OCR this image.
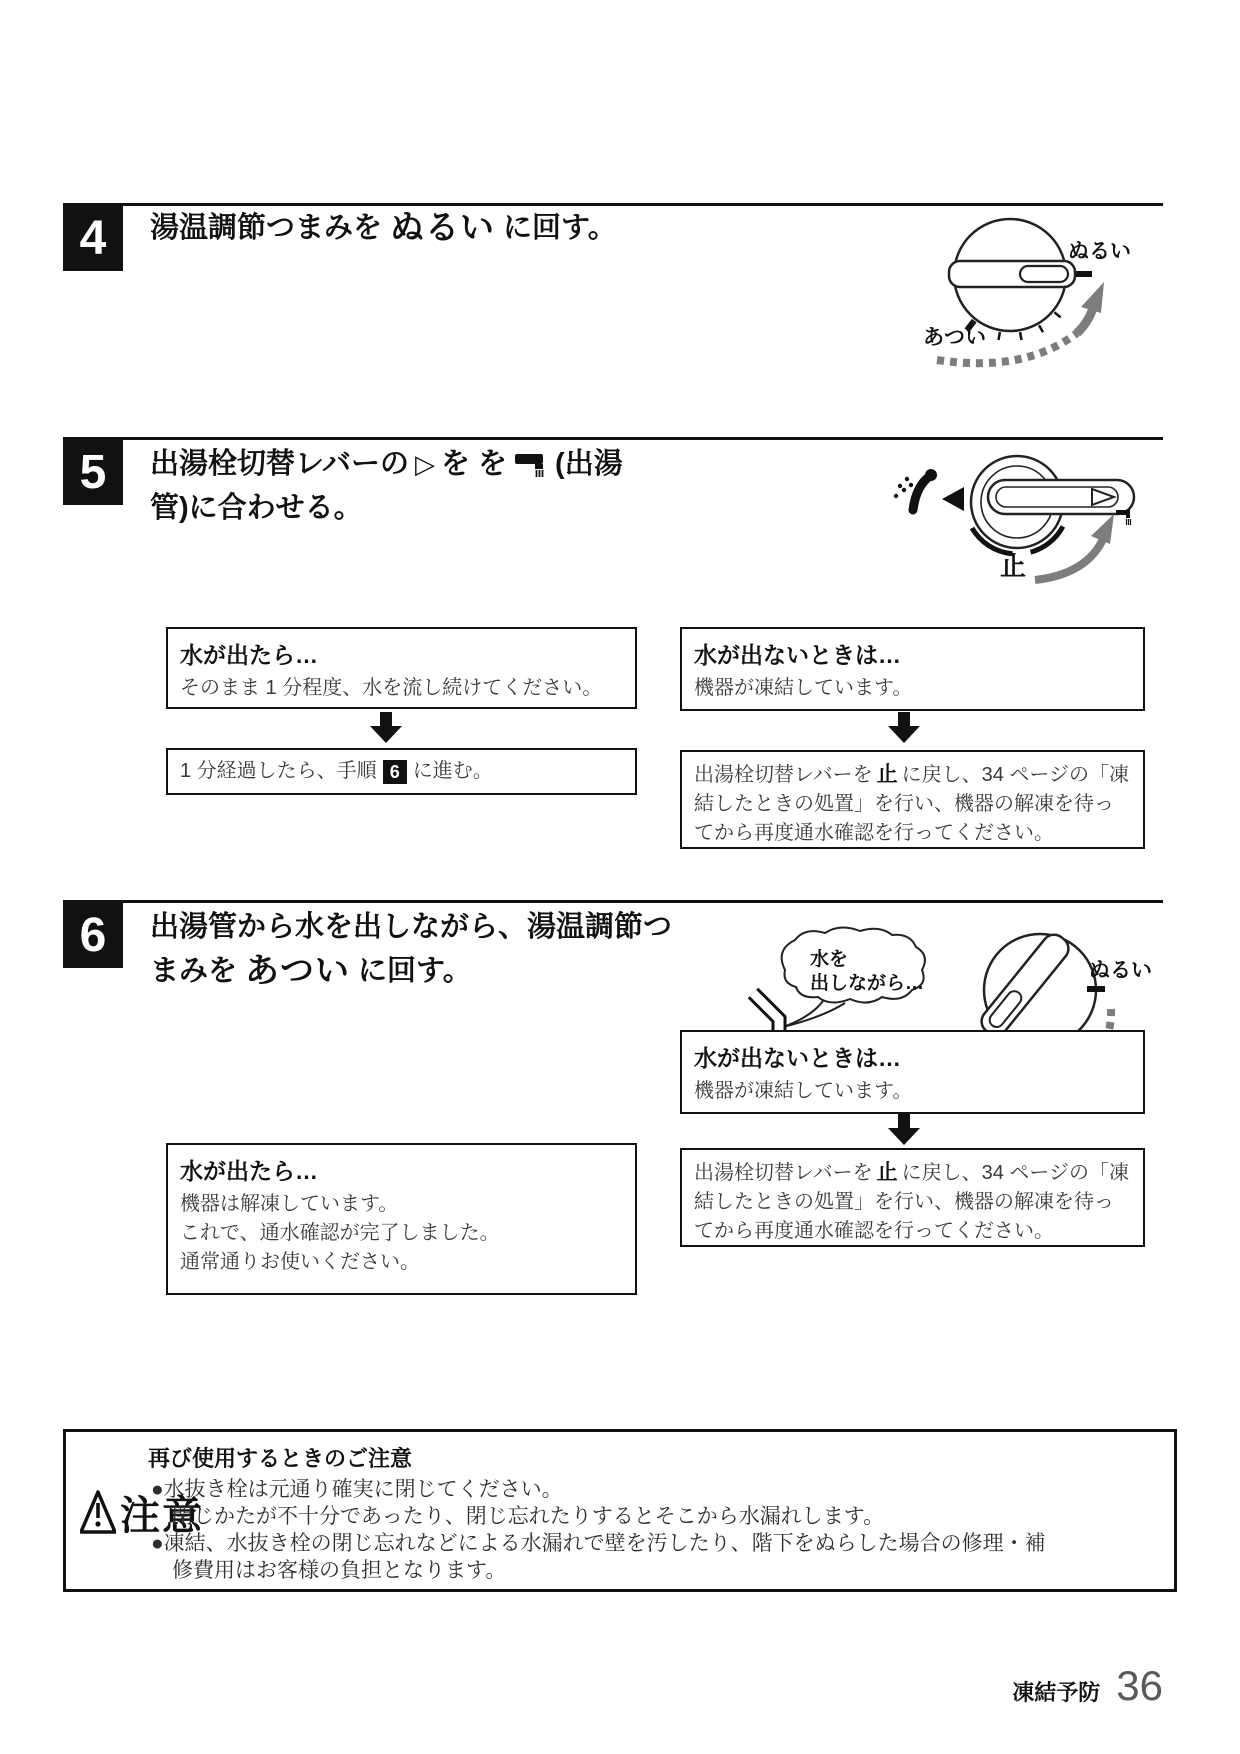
4 湯温調節つまみを ぬるい に回す。
ぬるい
あつい
5 出湯栓切替レバーの ▷ を を (出湯
管)に合わせる。
止
水が出たら…

そのまま 1 分程度、水を流し続けてください。

1 分経過したら、手順 6 に進む。

水が出ないときは…

機器が凍結しています。

出湯栓切替レバーを 止 に戻し、34 ページの「凍

結したときの処置」を行い、機器の解凍を待っ

てから再度通水確認を行ってください。

6 出湯管から水を出しながら、湯温調節つ
まみを あつい に回す。	水を
出しながら…
ぬるい
水が出ないときは…

機器が凍結しています。

出湯栓切替レバーを 止 に戻し、34 ページの「凍

結したときの処置」を行い、機器の解凍を待っ

てから再度通水確認を行ってください。

水が出たら…

機器は解凍しています。

これで、通水確認が完了しました。

通常通りお使いください。

注意
再び使用するときのご注意
●水抜き栓は元通り確実に閉じてください。
閉じかたが不十分であったり、閉じ忘れたりするとそこから水漏れします。
●凍結、水抜き栓の閉じ忘れなどによる水漏れで壁を汚したり、階下をぬらした場合の修理・補
修費用はお客様の負担となります。
凍結予防 36
